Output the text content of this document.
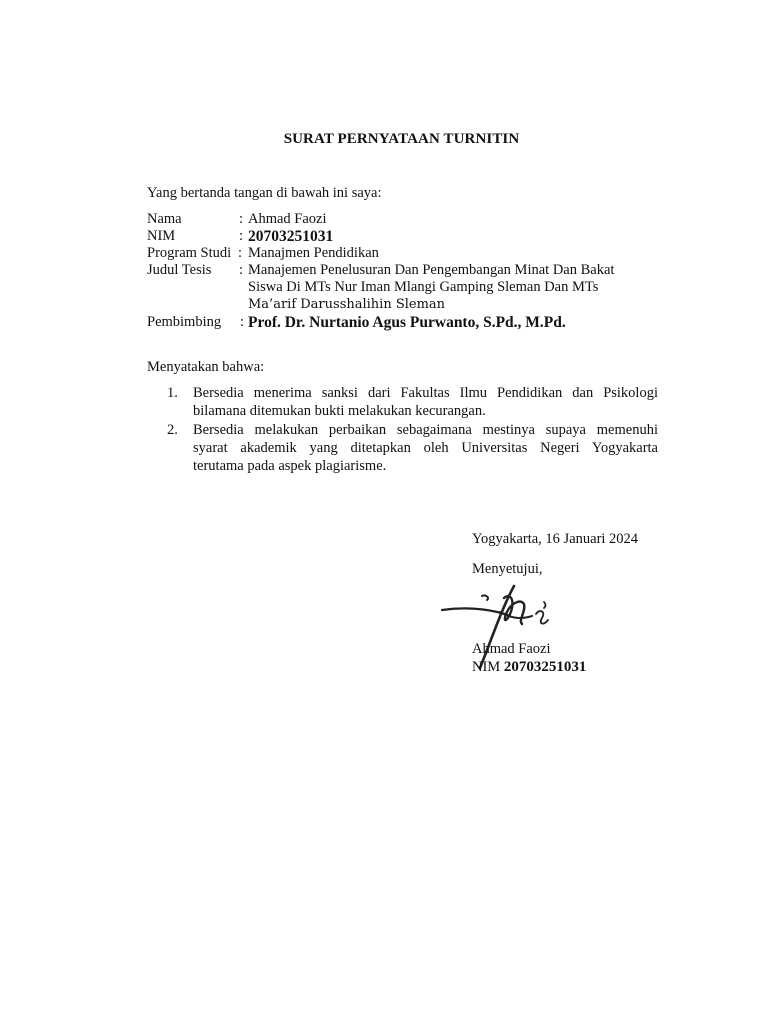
SURAT PERNYATAAN TURNITIN
Yang bertanda tangan di bawah ini saya:
Nama	: Ahmad Faozi
NIM	: 20703251031
Program Studi : Manajmen Pendidikan
Judul Tesis : Manajemen Penelusuran Dan Pengembangan Minat Dan Bakat
Siswa Di MTs Nur Iman Mlangi Gamping Sleman Dan MTs
Ma’arif Darusshalihin Sleman
Pembimbing : Prof. Dr. Nurtanio Agus Purwanto, S.Pd., M.Pd.
Menyatakan bahwa:
1. Bersedia menerima sanksi dari Fakultas Ilmu Pendidikan dan Psikologi
bilamana ditemukan bukti melakukan kecurangan.
2. Bersedia melakukan perbaikan sebagaimana mestinya supaya memenuhi
syarat akademik yang ditetapkan oleh Universitas Negeri Yogyakarta
terutama pada aspek plagiarisme.
Yogyakarta, 16 Januari 2024
Menyetujui,
Ahmad Faozi
NIM 20703251031
